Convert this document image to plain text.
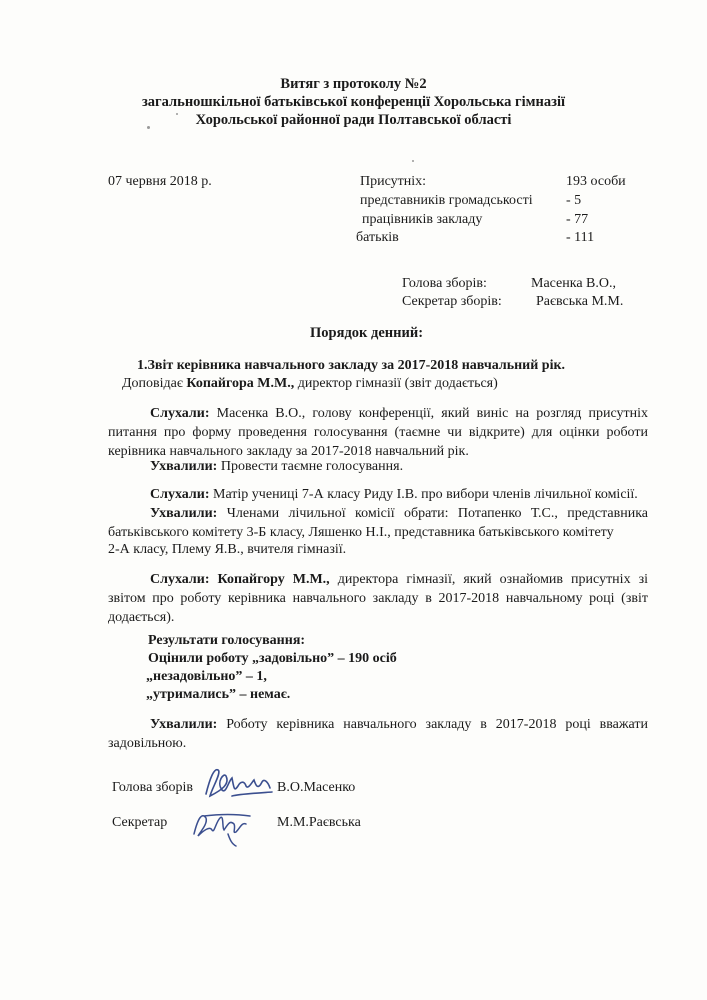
Витяг з протоколу №2
загальношкільної батьківської конференції Хорольська гімназії
Хорольської районної ради Полтавської області
07 червня 2018 р.	Присутніх:	193 особи
представників громадськості - 5
працівників закладу	- 77
батьків	- 111
Голова зборів:	Масенка В.О.,
Секретар зборів: Раєвська М.М.
Порядок денний:
1.Звіт керівника навчального закладу за 2017-2018 навчальний рік.
Доповідає Копайгора М.М., директор гімназії (звіт додається)
Слухали: Масенка В.О., голову конференції, який виніс на розгляд присутніх питання про форму проведення голосування (таємне чи відкрите) для оцінки роботи керівника навчального закладу за 2017-2018 навчальний рік.
Ухвалили: Провести таємне голосування.
Слухали: Матір учениці 7-А класу Риду І.В. про вибори членів лічильної комісії.
Ухвалили: Членами лічильної комісії обрати: Потапенко Т.С., представника батьківського комітету 3-Б класу, Ляшенко Н.І., представника батьківського комітету
2-А класу, Плему Я.В., вчителя гімназії.
Слухали: Копайгору М.М., директора гімназії, який ознайомив присутніх зі звітом про роботу керівника навчального закладу в 2017-2018 навчальному році (звіт додається).
Результати голосування:
Оцінили роботу „задовільно” – 190 осіб
„незадовільно” – 1,
„утримались” – немає.
Ухвалили: Роботу керівника навчального закладу в 2017-2018 році вважати задовільною.
Голова зборів	В.О.Масенко
Секретар	М.М.Раєвська
